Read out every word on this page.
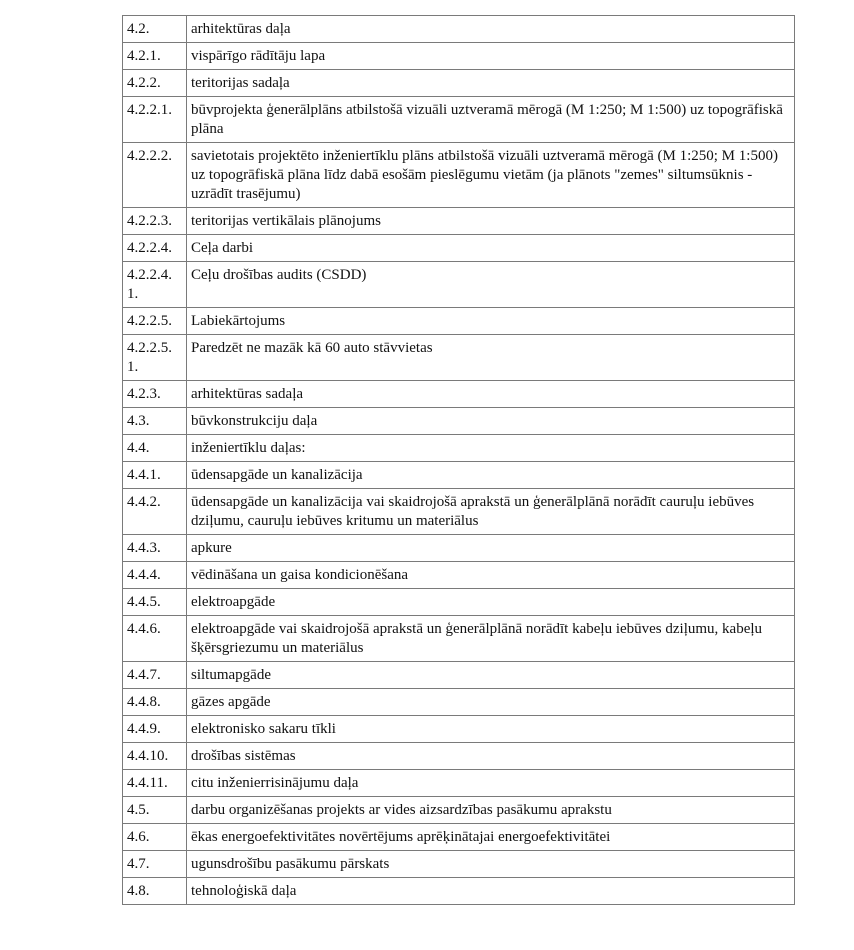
4.2.	arhitektūras daļa
4.2.1.	vispārīgo rādītāju lapa
4.2.2.	teritorijas sadaļa
4.2.2.1.	būvprojekta ģenerālplāns atbilstošā vizuāli uztveramā mērogā (M 1:250; M 1:500) uz topogrāfiskā plāna
4.2.2.2.	savietotais projektēto inženiertīklu plāns atbilstošā vizuāli uztveramā mērogā (M 1:250; M 1:500) uz topogrāfiskā plāna līdz dabā esošām pieslēgumu vietām (ja plānots "zemes" siltumsūknis - uzrādīt trasējumu)
4.2.2.3.	teritorijas vertikālais plānojums
4.2.2.4.	Ceļa darbi
4.2.2.4.1.	Ceļu drošības audits (CSDD)
4.2.2.5.	Labiekārtojums
4.2.2.5.1.	Paredzēt ne mazāk kā 60 auto stāvvietas
4.2.3.	arhitektūras sadaļa
4.3.	būvkonstrukciju daļa
4.4.	inženiertīklu daļas:
4.4.1.	ūdensapgāde un kanalizācija
4.4.2.	ūdensapgāde un kanalizācija vai skaidrojošā aprakstā un ģenerālplānā norādīt cauruļu iebūves dziļumu, cauruļu iebūves kritumu un materiālus
4.4.3.	apkure
4.4.4.	vēdināšana un gaisa kondicionēšana
4.4.5.	elektroapgāde
4.4.6.	elektroapgāde vai skaidrojošā aprakstā un ģenerālplānā norādīt kabeļu iebūves dziļumu, kabeļu šķērsgriezumu un materiālus
4.4.7.	siltumapgāde
4.4.8.	gāzes apgāde
4.4.9.	elektronisko sakaru tīkli
4.4.10.	drošības sistēmas
4.4.11.	citu inženierrisinājumu daļa
4.5.	darbu organizēšanas projekts ar vides aizsardzības pasākumu aprakstu
4.6.	ēkas energoefektivitātes novērtējums aprēķinātajai energoefektivitātei
4.7.	ugunsdrošību pasākumu pārskats
4.8.	tehnoloģiskā daļa
